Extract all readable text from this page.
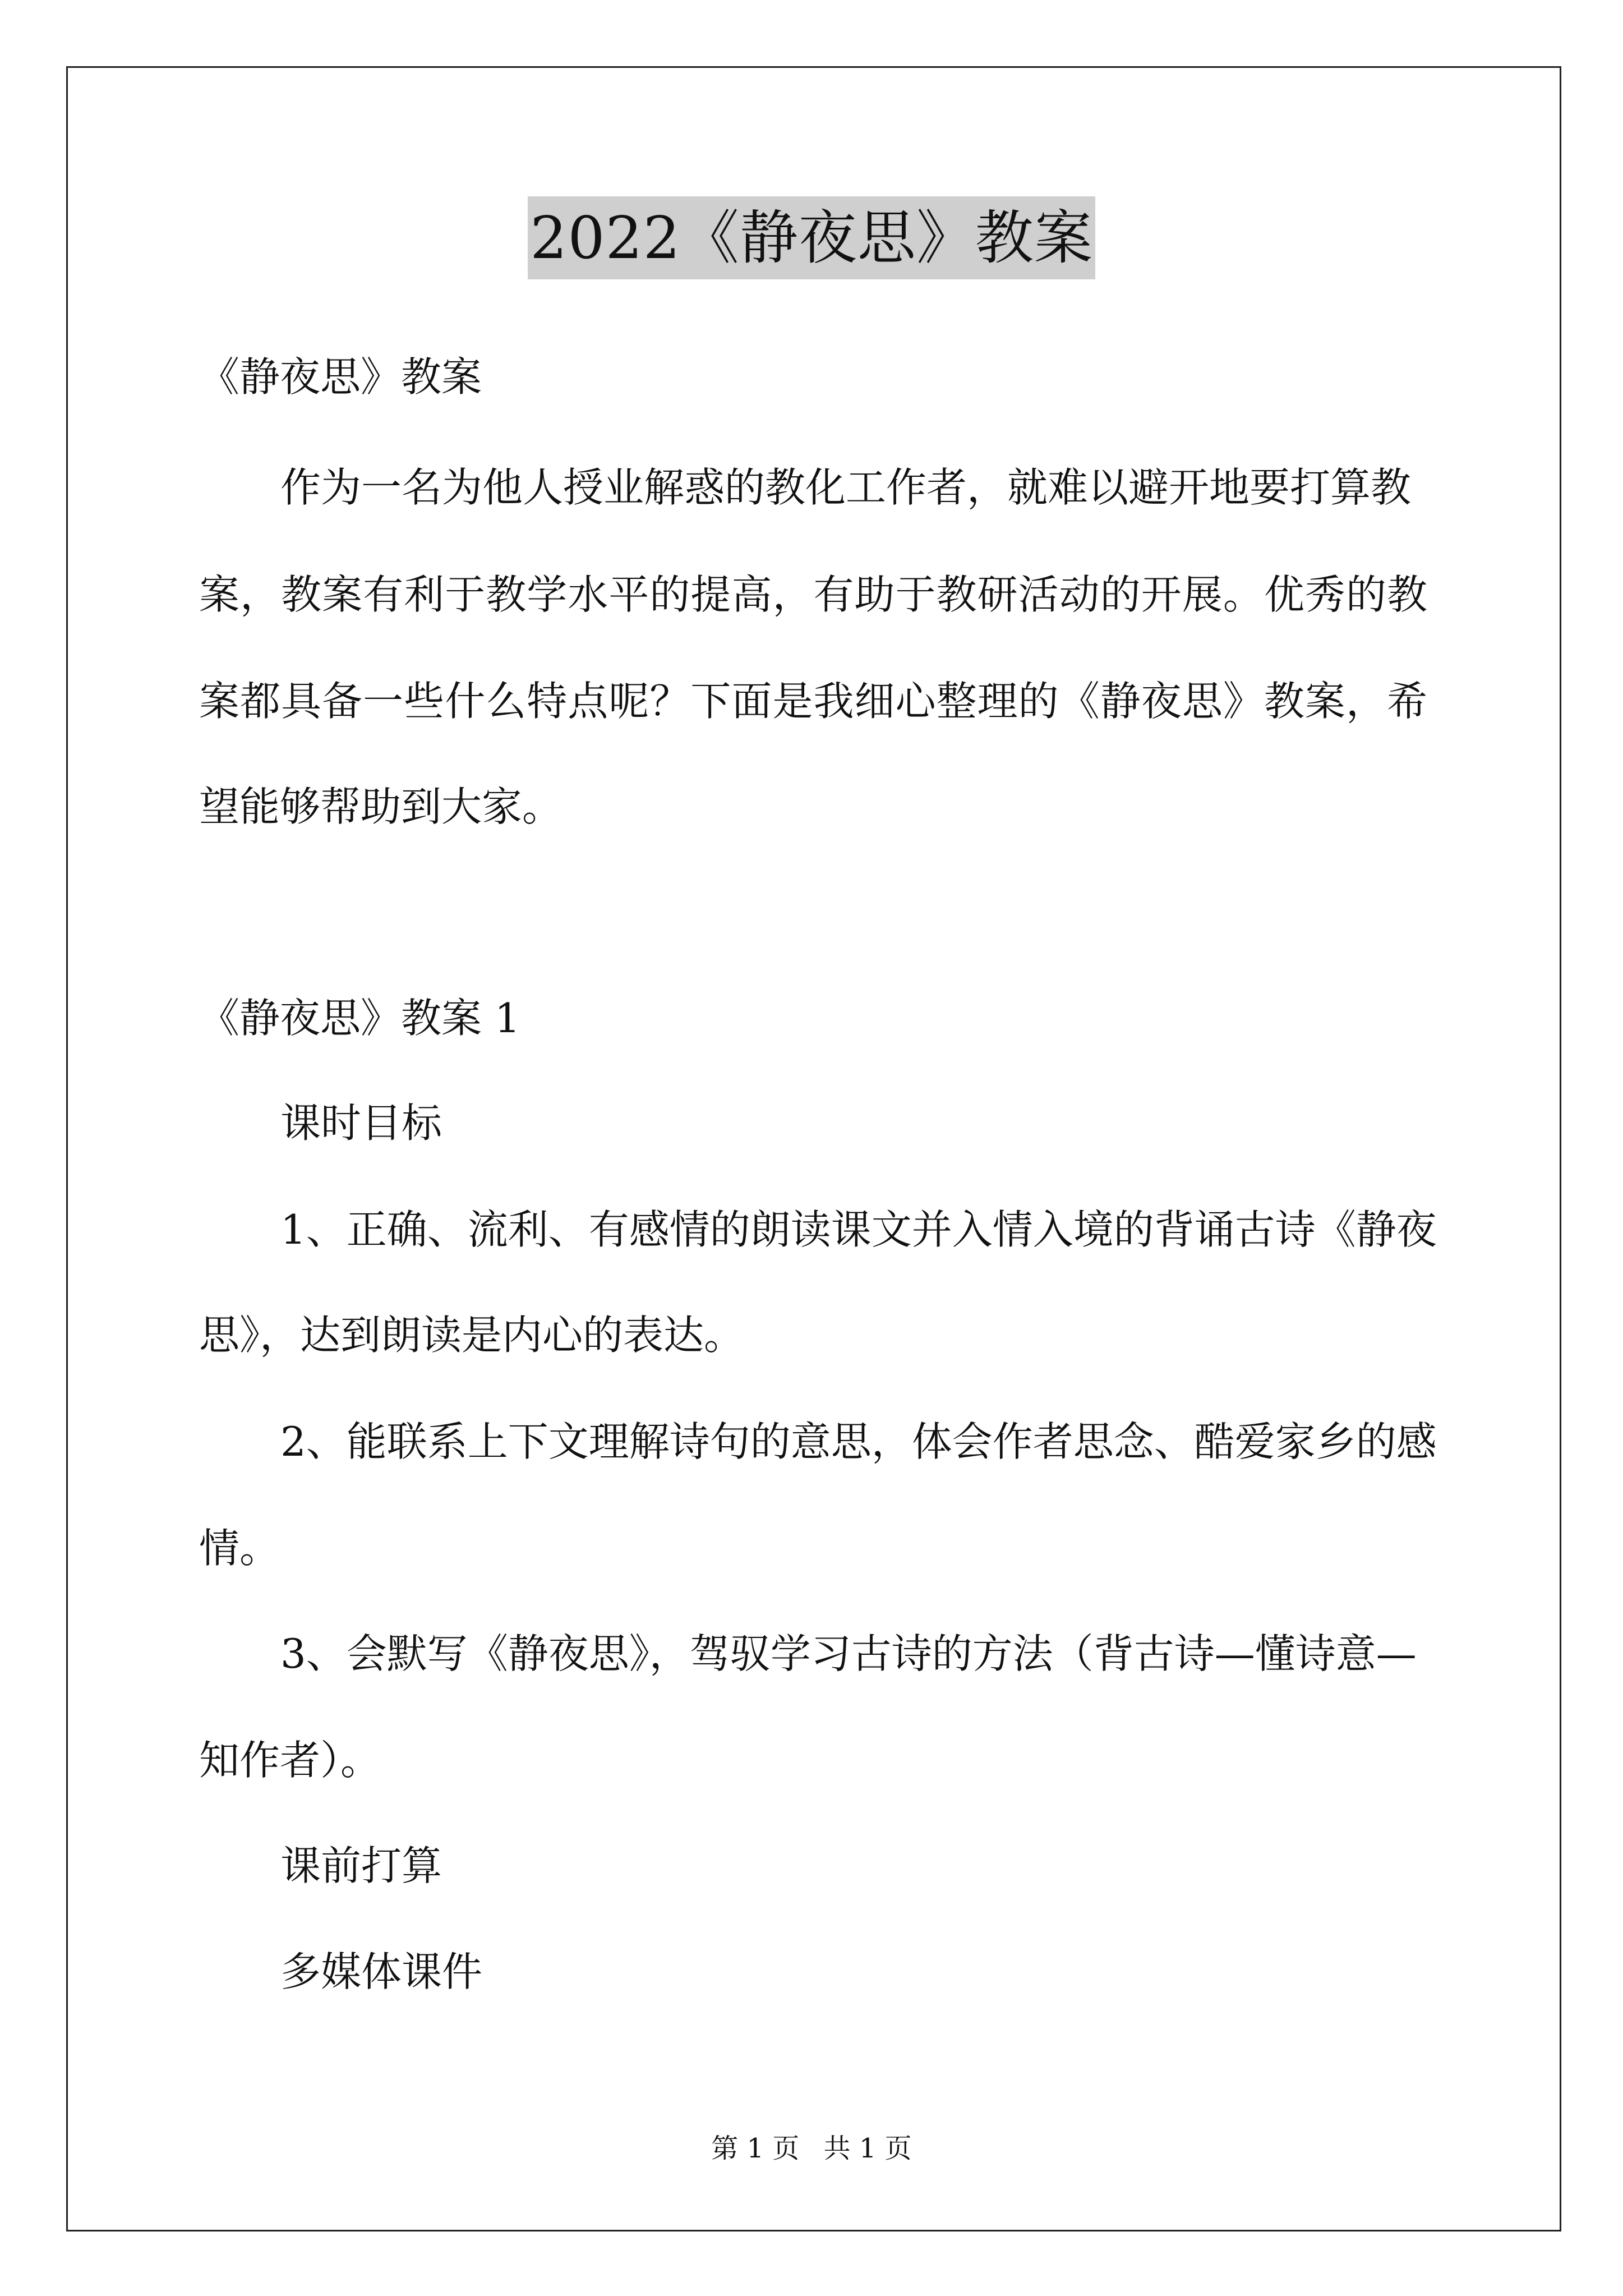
2022《静夜思》教案
《静夜思》教案
作为一名为他人授业解惑的教化工作者，就难以避开地要打算教
案，教案有利于教学水平的提高，有助于教研活动的开展。优秀的教
案都具备一些什么特点呢？下面是我细心整理的《静夜思》教案，希
望能够帮助到大家。
《静夜思》教案 1
课时目标
1、正确、流利、有感情的朗读课文并入情入境的背诵古诗《静夜
思》，达到朗读是内心的表达。
2、能联系上下文理解诗句的意思，体会作者思念、酷爱家乡的感
情。
3、会默写《静夜思》，驾驭学习古诗的方法（背古诗—懂诗意—
知作者）。
课前打算
多媒体课件
第 1 页 共 1 页
